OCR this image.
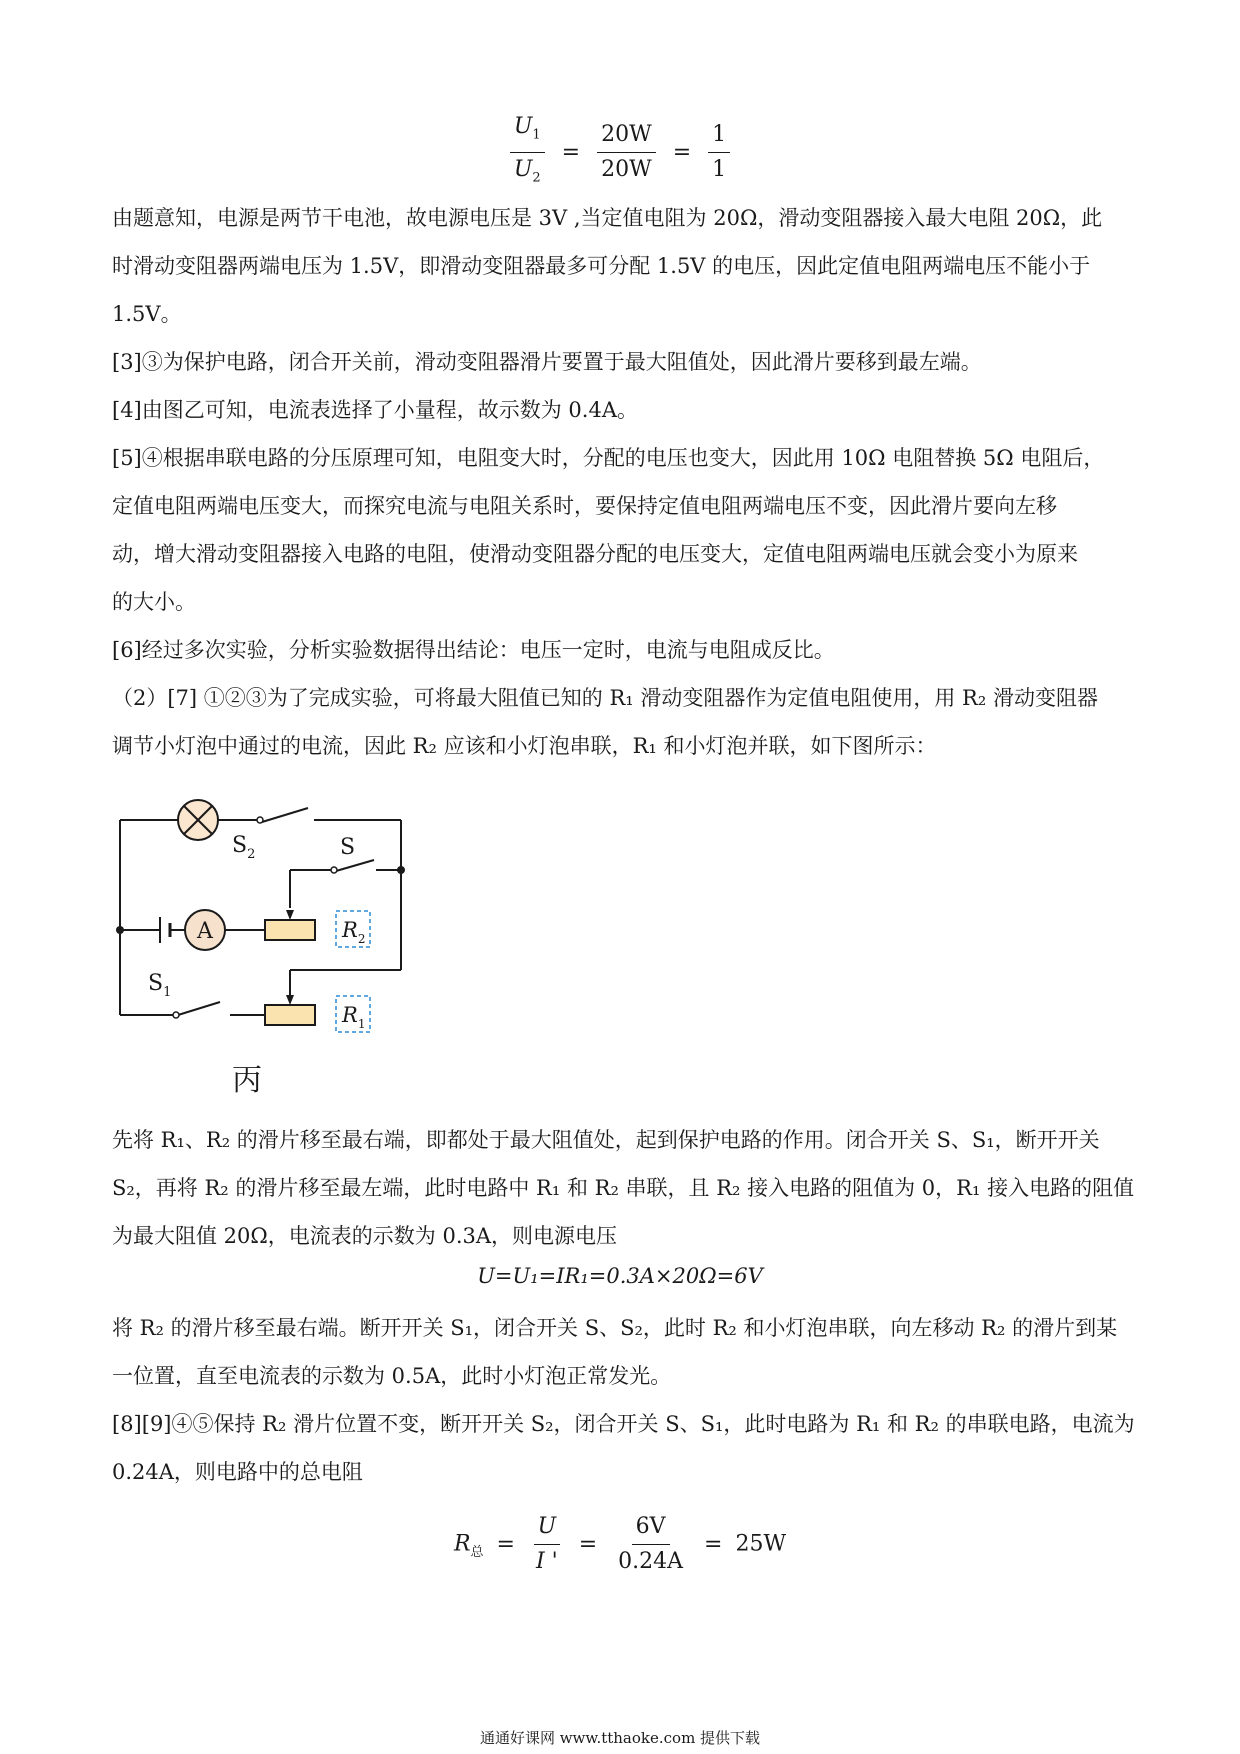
$\frac{U_1}{U_2} = \frac{20W}{20W} = \frac{1}{1}$
由题意知，电源是两节干电池，故电源电压是 3V ,当定值电阻为 20Ω，滑动变阻器接入最大电阻 20Ω，此
时滑动变阻器两端电压为 1.5V，即滑动变阻器最多可分配 1.5V 的电压，因此定值电阻两端电压不能小于
1.5V。
[3]③为保护电路，闭合开关前，滑动变阻器滑片要置于最大阻值处，因此滑片要移到最左端。
[4]由图乙可知，电流表选择了小量程，故示数为 0.4A。
[5]④根据串联电路的分压原理可知，电阻变大时，分配的电压也变大，因此用 10Ω 电阻替换 5Ω 电阻后，
定值电阻两端电压变大，而探究电流与电阻关系时，要保持定值电阻两端电压不变，因此滑片要向左移
动，增大滑动变阻器接入电路的电阻，使滑动变阻器分配的电压变大，定值电阻两端电压就会变小为原来
的大小。
[6]经过多次实验，分析实验数据得出结论：电压一定时，电流与电阻成反比。
（2）[7] ①②③为了完成实验，可将最大阻值已知的 R₁ 滑动变阻器作为定值电阻使用，用 R₂ 滑动变阻器
调节小灯泡中通过的电流，因此 R₂ 应该和小灯泡串联，R₁ 和小灯泡并联，如下图所示：
A
$S_2$	S
$R_2$
$S_1$
$R_1$
丙
先将 R₁、R₂ 的滑片移至最右端，即都处于最大阻值处，起到保护电路的作用。闭合开关 S、S₁，断开开关
S₂，再将 R₂ 的滑片移至最左端，此时电路中 R₁ 和 R₂ 串联，且 R₂ 接入电路的阻值为 0，R₁ 接入电路的阻值
为最大阻值 20Ω，电流表的示数为 0.3A，则电源电压
U=U₁=IR₁=0.3A×20Ω=6V
将 R₂ 的滑片移至最右端。断开开关 S₁，闭合开关 S、S₂，此时 R₂ 和小灯泡串联，向左移动 R₂ 的滑片到某
一位置，直至电流表的示数为 0.5A，此时小灯泡正常发光。
[8][9]④⑤保持 R₂ 滑片位置不变，断开开关 S₂，闭合开关 S、S₁，此时电路为 R₁ 和 R₂ 的串联电路，电流为
0.24A，则电路中的总电阻
$R_总 = \frac{U}{I '} = \frac{6V}{0.24A} = 25W$
通通好课网 www.tthaoke.com 提供下载
